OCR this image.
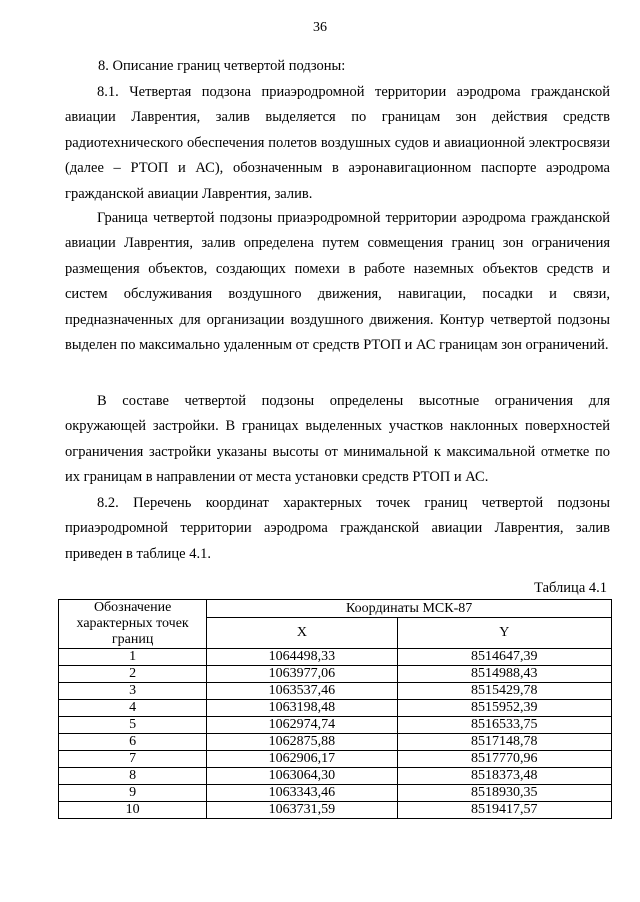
36
8. Описание границ четвертой подзоны:

8.1. Четвертая подзона приаэродромной территории аэродрома гражданской авиации Лаврентия, залив выделяется по границам зон действия средств радиотехнического обеспечения полетов воздушных судов и авиационной электросвязи (далее – РТОП и АС), обозначенным в аэронавигационном паспорте аэродрома гражданской авиации Лаврентия, залив.

Граница четвертой подзоны приаэродромной территории аэродрома гражданской авиации Лаврентия, залив определена путем совмещения границ зон ограничения размещения объектов, создающих помехи в работе наземных объектов средств и систем обслуживания воздушного движения, навигации, посадки и связи, предназначенных для организации воздушного движения. Контур четвертой подзоны выделен по максимально удаленным от средств РТОП и АС границам зон ограничений.

В составе четвертой подзоны определены высотные ограничения для окружающей застройки. В границах выделенных участков наклонных поверхностей ограничения застройки указаны высоты от минимальной к максимальной отметке по их границам в направлении от места установки средств РТОП и АС.

8.2. Перечень координат характерных точек границ четвертой подзоны приаэродромной территории аэродрома гражданской авиации Лаврентия, залив приведен в таблице 4.1.

Таблица 4.1
Обозначение характерных точек границ	Координаты МСК-87	
	X	Y
1	1064498,33	8514647,39
2	1063977,06	8514988,43
3	1063537,46	8515429,78
4	1063198,48	8515952,39
5	1062974,74	8516533,75
6	1062875,88	8517148,78
7	1062906,17	8517770,96
8	1063064,30	8518373,48
9	1063343,46	8518930,35
10	1063731,59	8519417,57
